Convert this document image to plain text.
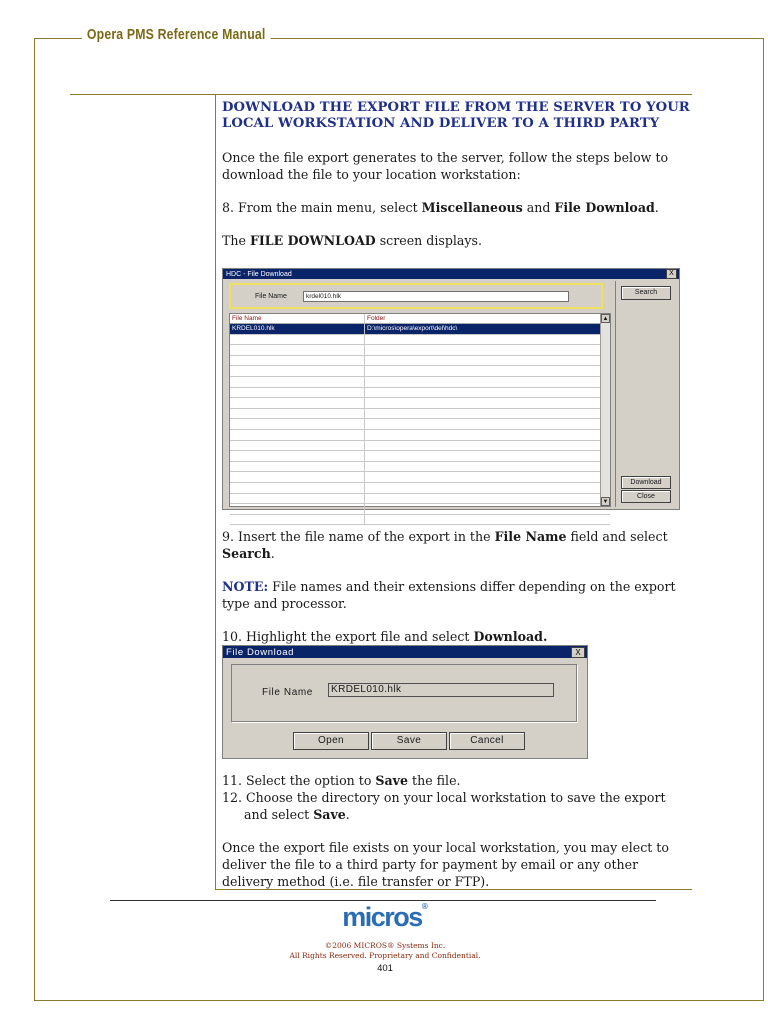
Opera PMS Reference Manual

DOWNLOAD THE EXPORT FILE FROM THE SERVER TO YOUR LOCAL WORKSTATION AND DELIVER TO A THIRD PARTY

Once the file export generates to the server, follow the steps below to download the file to your location workstation:

8. From the main menu, select Miscellaneous and File Download.

The FILE DOWNLOAD screen displays.

HDC - File Download	X
File Name	krdel010.hlk
Search
File Name	Folder
KRDEL010.hlk	D:\micros\opera\export\del\hdc\
▲
▼
Download
Close

9. Insert the file name of the export in the File Name field and select Search.

NOTE: File names and their extensions differ depending on the export type and processor.

10. Highlight the export file and select Download.

File Download	X
File Name	KRDEL010.hlk
Open	Save	Cancel

11. Select the option to Save the file.

12. Choose the directory on your local workstation to save the export and select Save.

Once the export file exists on your local workstation, you may elect to deliver the file to a third party for payment by email or any other delivery method (i.e. file transfer or FTP).

micros®
©2006 MICROS® Systems Inc.
All Rights Reserved. Proprietary and Confidential.
401
